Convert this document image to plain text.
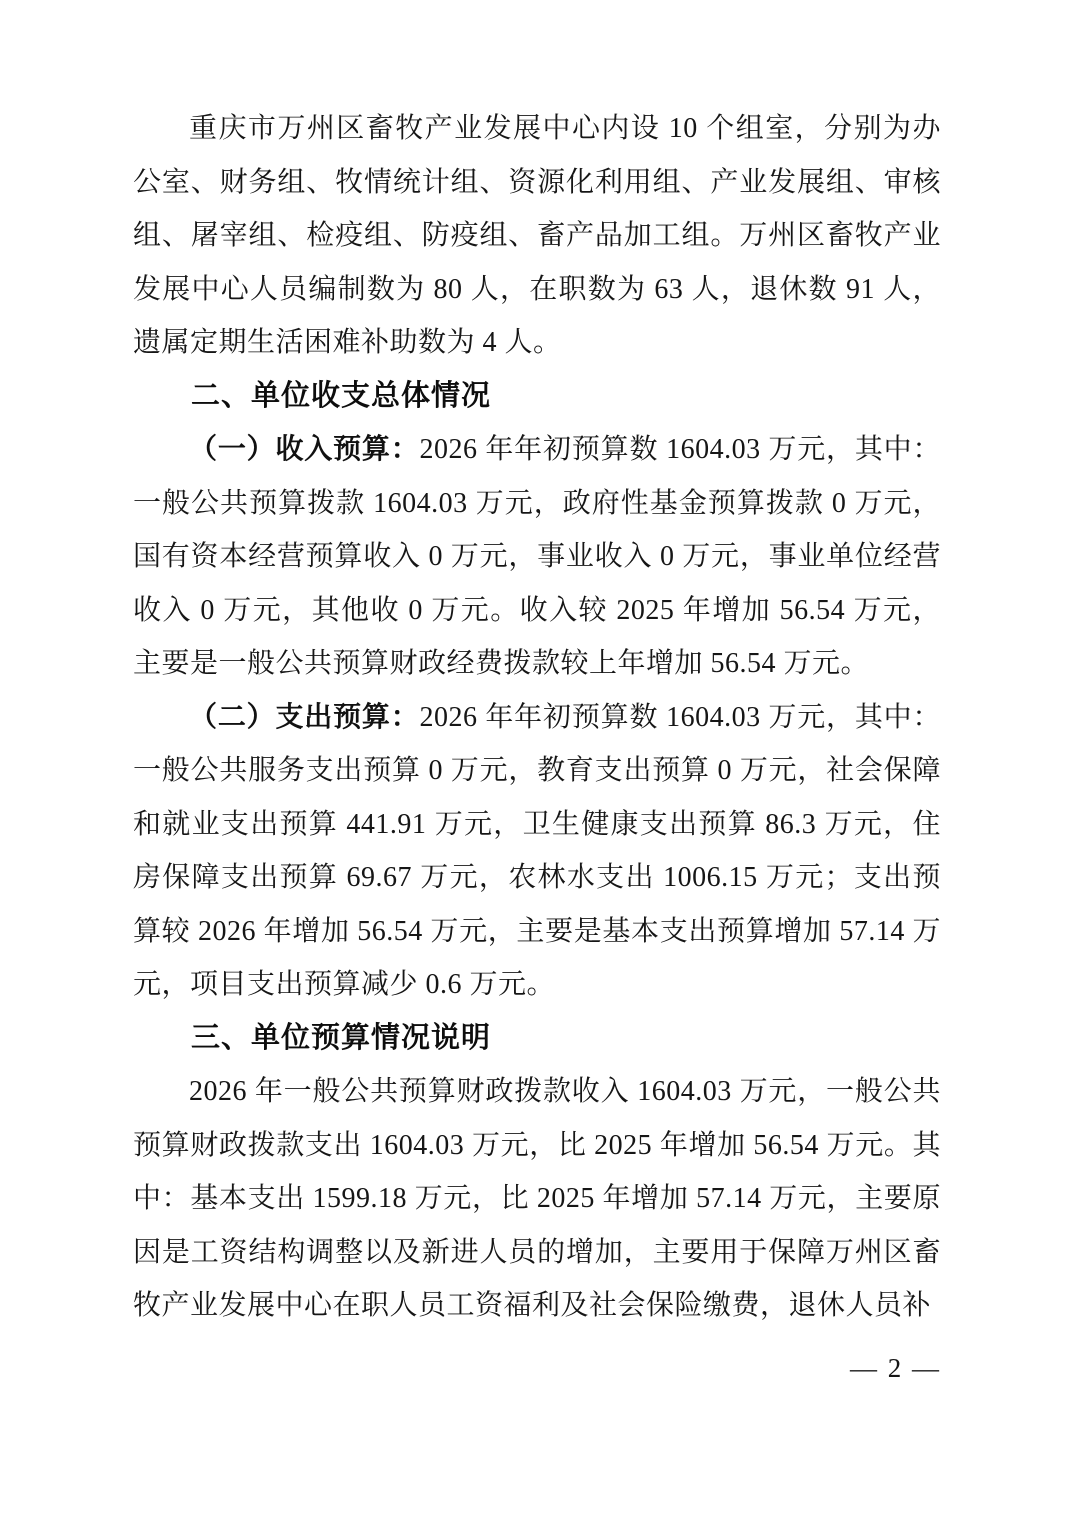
重庆市万州区畜牧产业发展中心内设 10 个组室，分别为办公室、财务组、牧情统计组、资源化利用组、产业发展组、审核组、屠宰组、检疫组、防疫组、畜产品加工组。万州区畜牧产业发展中心人员编制数为 80 人，在职数为 63 人，退休数 91 人，遗属定期生活困难补助数为 4 人。

二、单位收支总体情况

（一）收入预算：2026 年年初预算数 1604.03 万元，其中：一般公共预算拨款 1604.03 万元，政府性基金预算拨款 0 万元，国有资本经营预算收入 0 万元，事业收入 0 万元，事业单位经营收入 0 万元，其他收 0 万元。收入较 2025 年增加 56.54 万元，主要是一般公共预算财政经费拨款较上年增加 56.54 万元。

（二）支出预算：2026 年年初预算数 1604.03 万元，其中：一般公共服务支出预算 0 万元，教育支出预算 0 万元，社会保障和就业支出预算 441.91 万元，卫生健康支出预算 86.3 万元，住房保障支出预算 69.67 万元，农林水支出 1006.15 万元；支出预算较 2026 年增加 56.54 万元，主要是基本支出预算增加 57.14 万元，项目支出预算减少 0.6 万元。

三、单位预算情况说明

2026 年一般公共预算财政拨款收入 1604.03 万元，一般公共预算财政拨款支出 1604.03 万元，比 2025 年增加 56.54 万元。其中：基本支出 1599.18 万元，比 2025 年增加 57.14 万元，主要原因是工资结构调整以及新进人员的增加，主要用于保障万州区畜牧产业发展中心在职人员工资福利及社会保险缴费，退休人员补

— 2 —
